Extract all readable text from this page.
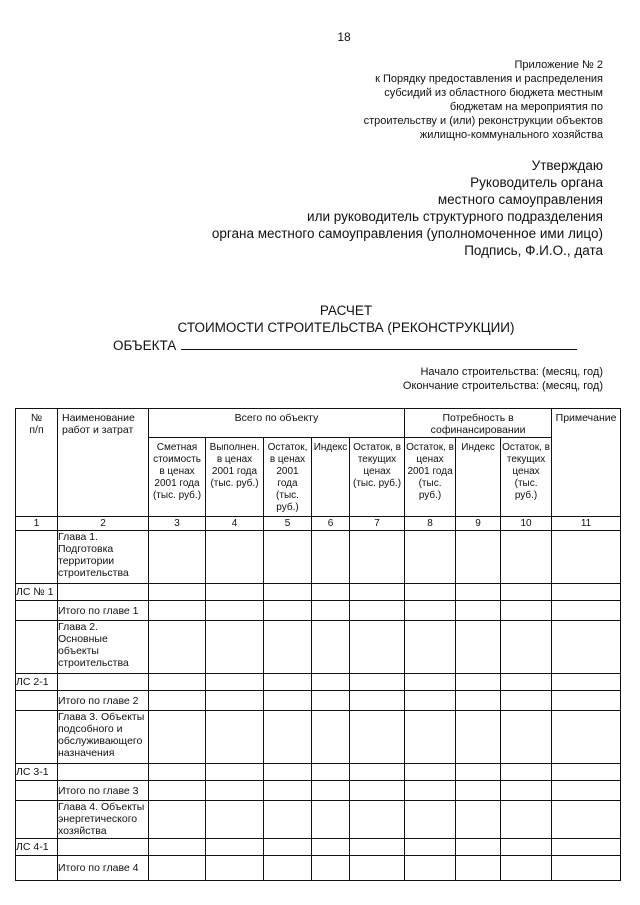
18
Приложение № 2
к Порядку предоставления и распределения
субсидий из областного бюджета местным
бюджетам на мероприятия по
строительству и (или) реконструкции объектов
жилищно-коммунального хозяйства
Утверждаю
Руководитель органа
местного самоуправления
или руководитель структурного подразделения
органа местного самоуправления (уполномоченное ими лицо)
Подпись, Ф.И.О., дата
РАСЧЕТ
СТОИМОСТИ СТРОИТЕЛЬСТВА (РЕКОНСТРУКЦИИ)
ОБЪЕКТА
Начало строительства: (месяц, год)
Окончание строительства: (месяц, год)
№ п/п	Наименование работ и затрат	Всего по объекту					Потребность в софинансировании			Примечание
		Сметная стоимость в ценах 2001 года (тыс. руб.)	Выполнен. в ценах 2001 года (тыс. руб.)	Остаток, в ценах 2001 года (тыс. руб.)	Индекс	Остаток, в текущих ценах (тыс. руб.)	Остаток, в ценах 2001 года (тыс. руб.)	Индекс	Остаток, в текущих ценах (тыс. руб.)	
1	2	3	4	5	6	7	8	9	10	11
	Глава 1. Подготовка территории строительства									
ЛС № 1										
	Итого по главе 1									
	Глава 2. Основные объекты строительства									
ЛС 2-1										
	Итого по главе 2									
	Глава 3. Объекты подсобного и обслуживающего назначения									
ЛС 3-1										
	Итого по главе 3									
	Глава 4. Объекты энергетического хозяйства									
ЛС 4-1										
	Итого по главе 4									
